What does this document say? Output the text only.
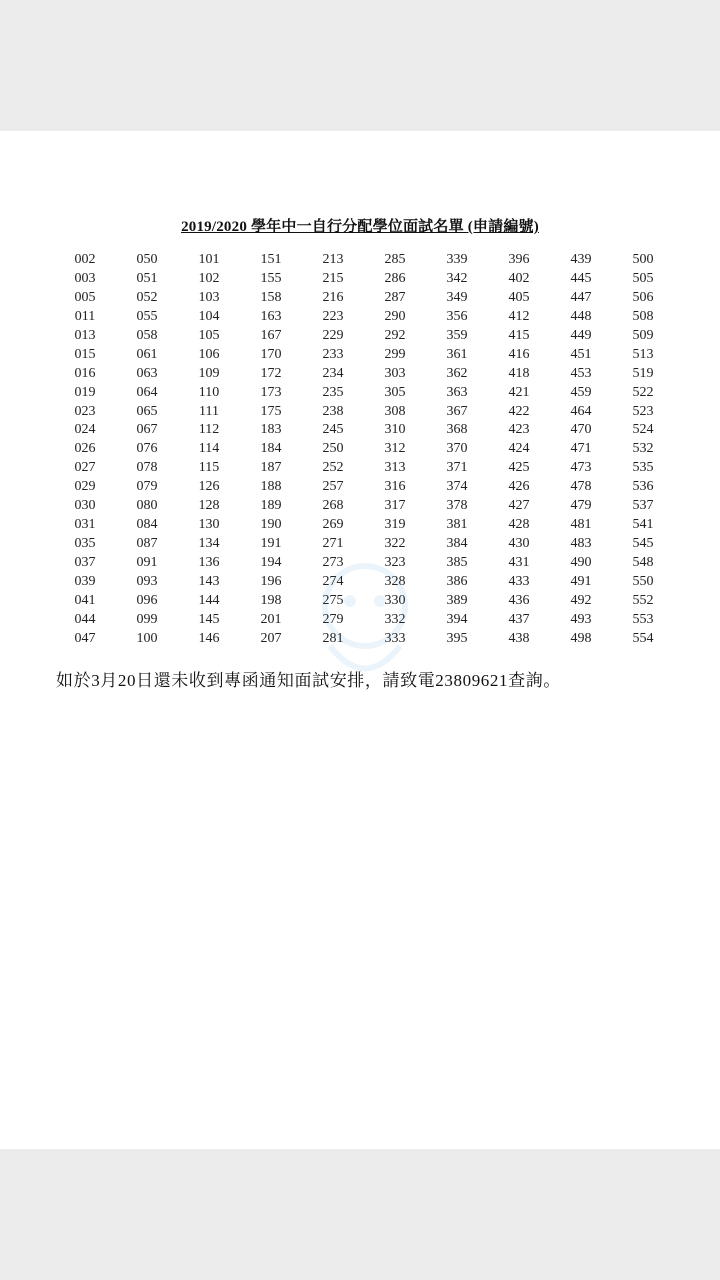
2019/2020 學年中一自行分配學位面試名單 (申請編號)
002	050	101	151	213	285	339	396	439	500
003	051	102	155	215	286	342	402	445	505
005	052	103	158	216	287	349	405	447	506
011	055	104	163	223	290	356	412	448	508
013	058	105	167	229	292	359	415	449	509
015	061	106	170	233	299	361	416	451	513
016	063	109	172	234	303	362	418	453	519
019	064	110	173	235	305	363	421	459	522
023	065	111	175	238	308	367	422	464	523
024	067	112	183	245	310	368	423	470	524
026	076	114	184	250	312	370	424	471	532
027	078	115	187	252	313	371	425	473	535
029	079	126	188	257	316	374	426	478	536
030	080	128	189	268	317	378	427	479	537
031	084	130	190	269	319	381	428	481	541
035	087	134	191	271	322	384	430	483	545
037	091	136	194	273	323	385	431	490	548
039	093	143	196	274	328	386	433	491	550
041	096	144	198	275	330	389	436	492	552
044	099	145	201	279	332	394	437	493	553
047	100	146	207	281	333	395	438	498	554
如於3月20日還未收到專函通知面試安排，請致電23809621查詢。
